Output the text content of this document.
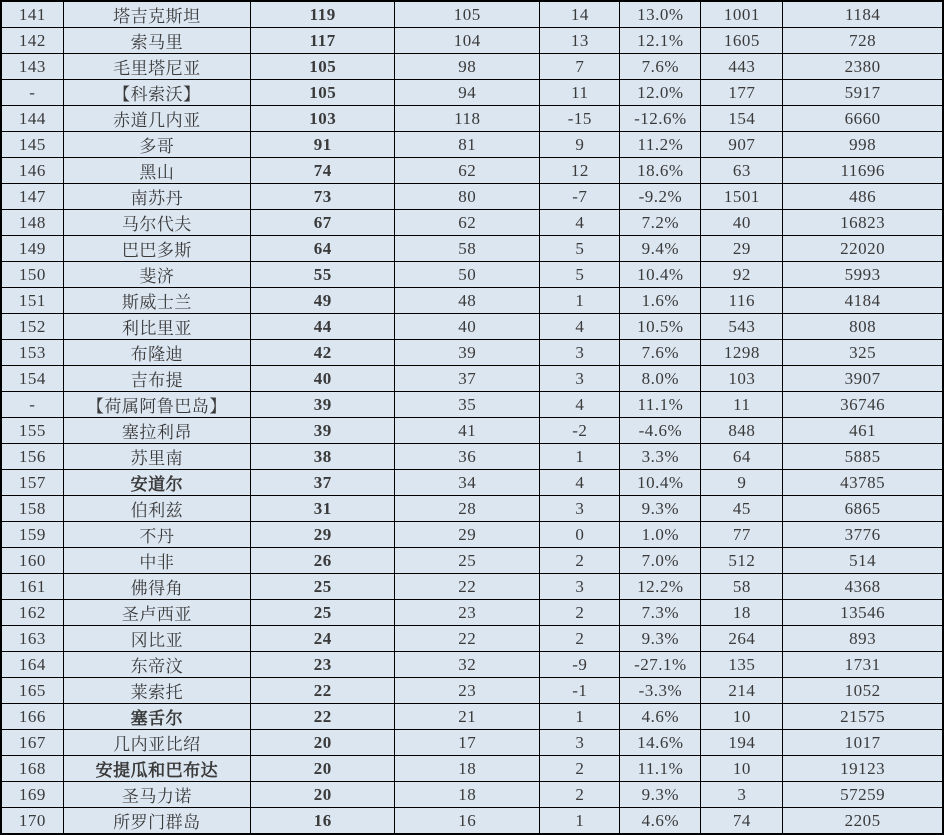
141	塔吉克斯坦	119	105	14	13.0%	1001	1184
142	索马里	117	104	13	12.1%	1605	728
143	毛里塔尼亚	105	98	7	7.6%	443	2380
-	【科索沃】	105	94	11	12.0%	177	5917
144	赤道几内亚	103	118	-15	-12.6%	154	6660
145	多哥	91	81	9	11.2%	907	998
146	黑山	74	62	12	18.6%	63	11696
147	南苏丹	73	80	-7	-9.2%	1501	486
148	马尔代夫	67	62	4	7.2%	40	16823
149	巴巴多斯	64	58	5	9.4%	29	22020
150	斐济	55	50	5	10.4%	92	5993
151	斯威士兰	49	48	1	1.6%	116	4184
152	利比里亚	44	40	4	10.5%	543	808
153	布隆迪	42	39	3	7.6%	1298	325
154	吉布提	40	37	3	8.0%	103	3907
-	【荷属阿鲁巴岛】	39	35	4	11.1%	11	36746
155	塞拉利昂	39	41	-2	-4.6%	848	461
156	苏里南	38	36	1	3.3%	64	5885
157	安道尔	37	34	4	10.4%	9	43785
158	伯利兹	31	28	3	9.3%	45	6865
159	不丹	29	29	0	1.0%	77	3776
160	中非	26	25	2	7.0%	512	514
161	佛得角	25	22	3	12.2%	58	4368
162	圣卢西亚	25	23	2	7.3%	18	13546
163	冈比亚	24	22	2	9.3%	264	893
164	东帝汶	23	32	-9	-27.1%	135	1731
165	莱索托	22	23	-1	-3.3%	214	1052
166	塞舌尔	22	21	1	4.6%	10	21575
167	几内亚比绍	20	17	3	14.6%	194	1017
168	安提瓜和巴布达	20	18	2	11.1%	10	19123
169	圣马力诺	20	18	2	9.3%	3	57259
170	所罗门群岛	16	16	1	4.6%	74	2205
